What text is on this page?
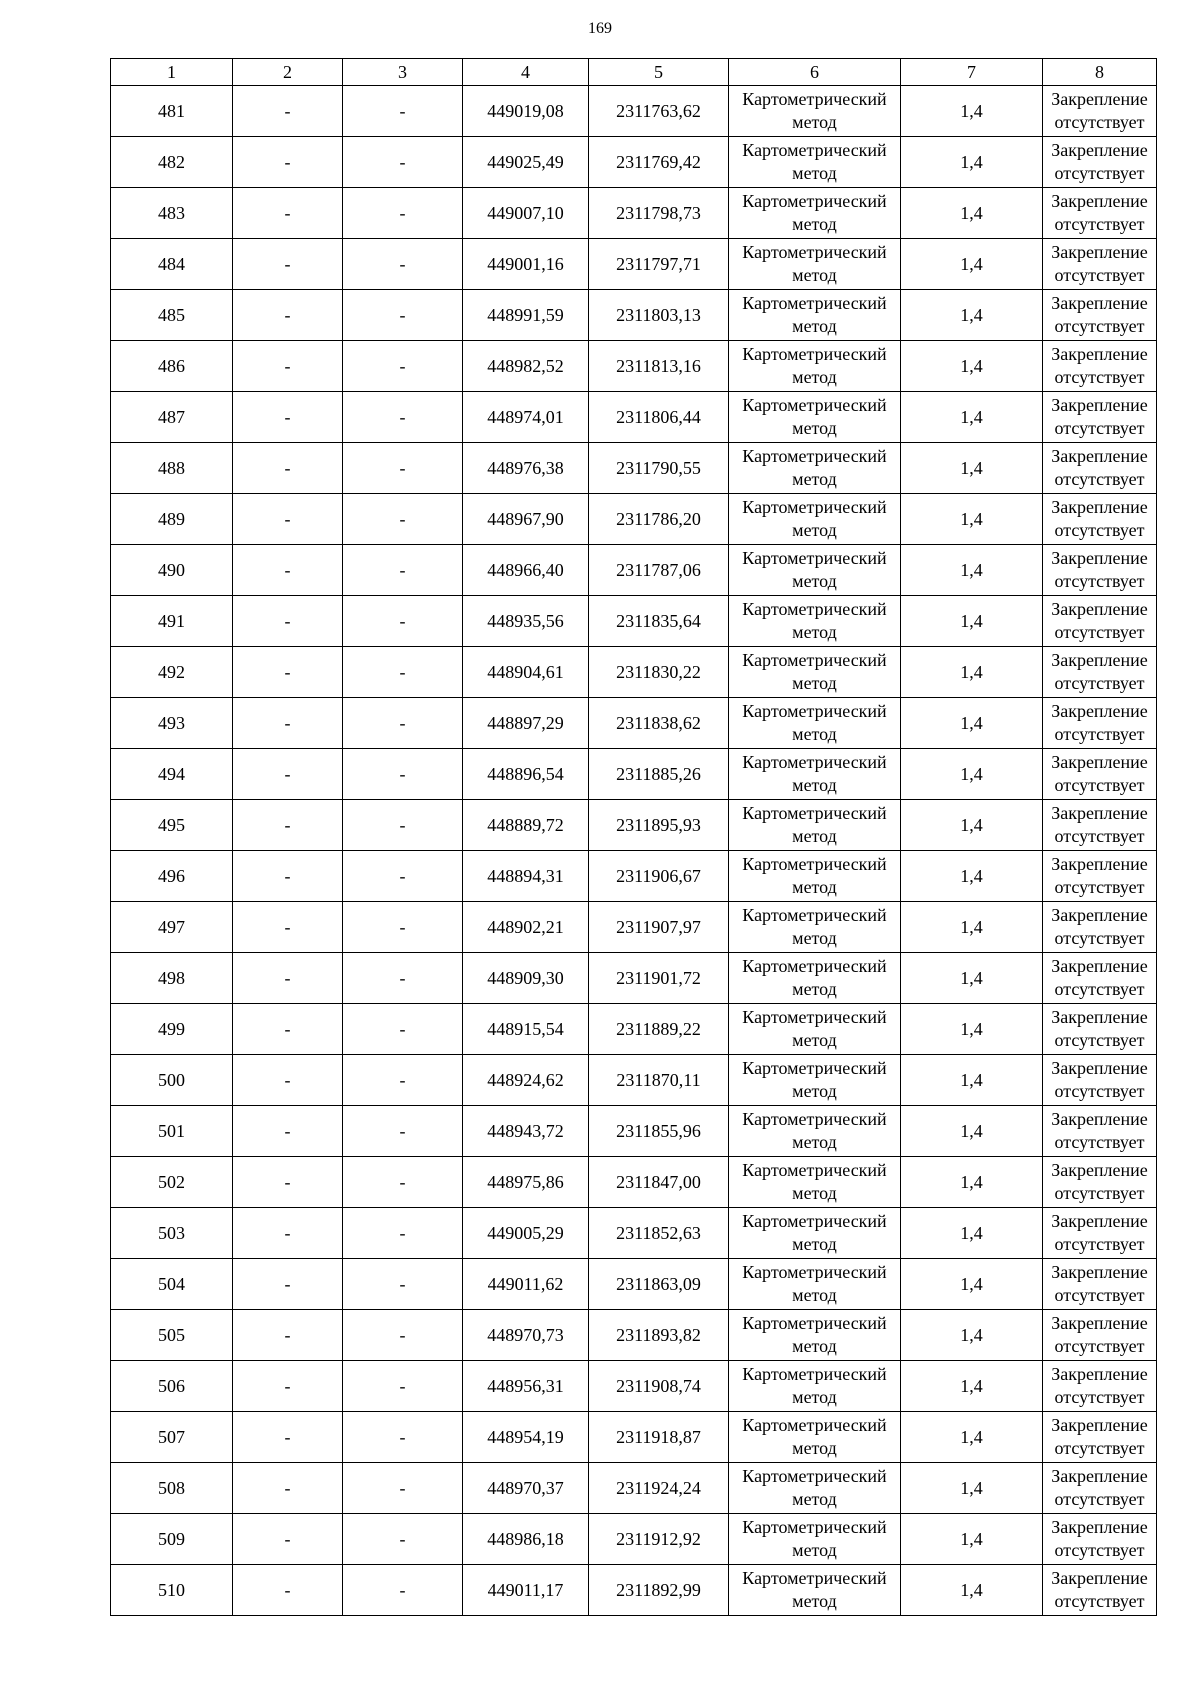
169
1	2	3	4	5	6	7	8
481	-	-	449019,08	2311763,62	Картометрический метод	1,4	Закрепление отсутствует
482	-	-	449025,49	2311769,42	Картометрический метод	1,4	Закрепление отсутствует
483	-	-	449007,10	2311798,73	Картометрический метод	1,4	Закрепление отсутствует
484	-	-	449001,16	2311797,71	Картометрический метод	1,4	Закрепление отсутствует
485	-	-	448991,59	2311803,13	Картометрический метод	1,4	Закрепление отсутствует
486	-	-	448982,52	2311813,16	Картометрический метод	1,4	Закрепление отсутствует
487	-	-	448974,01	2311806,44	Картометрический метод	1,4	Закрепление отсутствует
488	-	-	448976,38	2311790,55	Картометрический метод	1,4	Закрепление отсутствует
489	-	-	448967,90	2311786,20	Картометрический метод	1,4	Закрепление отсутствует
490	-	-	448966,40	2311787,06	Картометрический метод	1,4	Закрепление отсутствует
491	-	-	448935,56	2311835,64	Картометрический метод	1,4	Закрепление отсутствует
492	-	-	448904,61	2311830,22	Картометрический метод	1,4	Закрепление отсутствует
493	-	-	448897,29	2311838,62	Картометрический метод	1,4	Закрепление отсутствует
494	-	-	448896,54	2311885,26	Картометрический метод	1,4	Закрепление отсутствует
495	-	-	448889,72	2311895,93	Картометрический метод	1,4	Закрепление отсутствует
496	-	-	448894,31	2311906,67	Картометрический метод	1,4	Закрепление отсутствует
497	-	-	448902,21	2311907,97	Картометрический метод	1,4	Закрепление отсутствует
498	-	-	448909,30	2311901,72	Картометрический метод	1,4	Закрепление отсутствует
499	-	-	448915,54	2311889,22	Картометрический метод	1,4	Закрепление отсутствует
500	-	-	448924,62	2311870,11	Картометрический метод	1,4	Закрепление отсутствует
501	-	-	448943,72	2311855,96	Картометрический метод	1,4	Закрепление отсутствует
502	-	-	448975,86	2311847,00	Картометрический метод	1,4	Закрепление отсутствует
503	-	-	449005,29	2311852,63	Картометрический метод	1,4	Закрепление отсутствует
504	-	-	449011,62	2311863,09	Картометрический метод	1,4	Закрепление отсутствует
505	-	-	448970,73	2311893,82	Картометрический метод	1,4	Закрепление отсутствует
506	-	-	448956,31	2311908,74	Картометрический метод	1,4	Закрепление отсутствует
507	-	-	448954,19	2311918,87	Картометрический метод	1,4	Закрепление отсутствует
508	-	-	448970,37	2311924,24	Картометрический метод	1,4	Закрепление отсутствует
509	-	-	448986,18	2311912,92	Картометрический метод	1,4	Закрепление отсутствует
510	-	-	449011,17	2311892,99	Картометрический метод	1,4	Закрепление отсутствует
